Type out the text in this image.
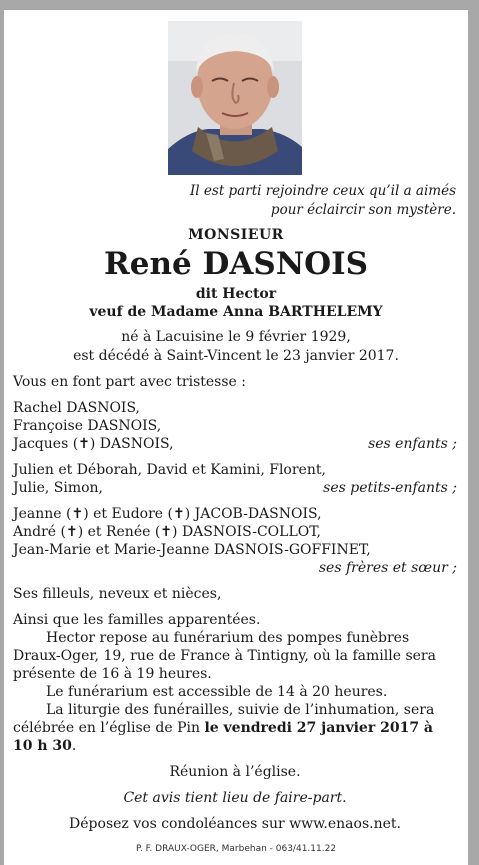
Il est parti rejoindre ceux qu’il a aimés
pour éclaircir son mystère.
MONSIEUR
René DASNOIS
dit Hector
veuf de Madame Anna BARTHELEMY
né à Lacuisine le 9 février 1929,
est décédé à Saint-Vincent le 23 janvier 2017.

Vous en font part avec tristesse :

Rachel DASNOIS,

Françoise DASNOIS,

Jacques (✝) DASNOIS,	ses enfants ;

Julien et Déborah, David et Kamini, Florent,

Julie, Simon,	ses petits-enfants ;

Jeanne (✝) et Eudore (✝) JACOB-DASNOIS,

André (✝) et Renée (✝) DASNOIS-COLLOT,

Jean-Marie et Marie-Jeanne DASNOIS-GOFFINET,

ses frères et sœur ;

Ses filleuls, neveux et nièces,

Ainsi que les familles apparentées.

Hector repose au funérarium des pompes funèbres Draux-Oger, 19, rue de France à Tintigny, où la famille sera présente de 16 à 19 heures.

Le funérarium est accessible de 14 à 20 heures.

La liturgie des funérailles, suivie de l’inhumation, sera célébrée en l’église de Pin le vendredi 27 janvier 2017 à 10 h 30.

Réunion à l’église.

Cet avis tient lieu de faire-part.

Déposez vos condoléances sur www.enaos.net.

P. F. DRAUX-OGER, Marbehan - 063/41.11.22
